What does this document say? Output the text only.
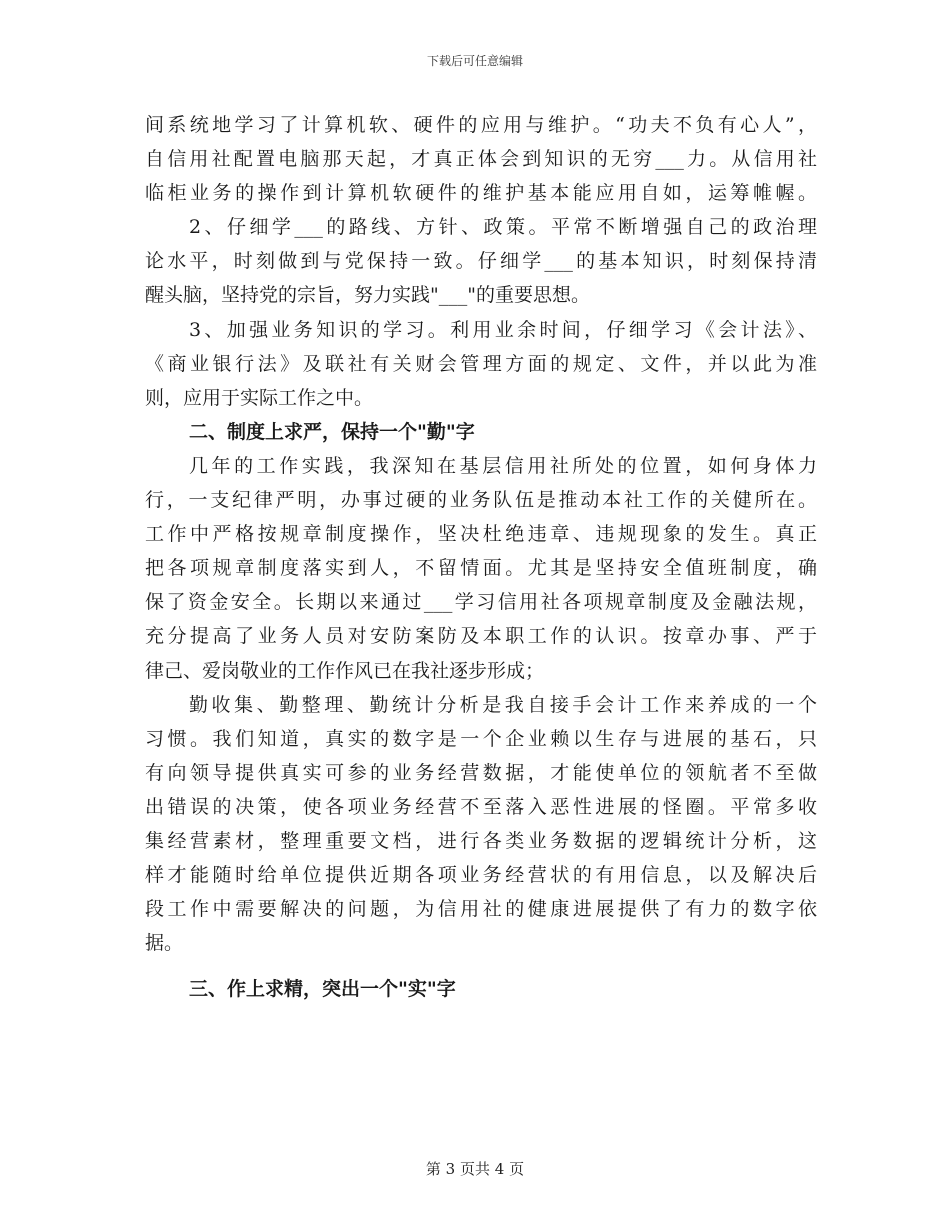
下载后可任意编辑
间系统地学习了计算机软、硬件的应用与维护。“功夫不负有心人”，
自信用社配置电脑那天起，才真正体会到知识的无穷___力。从信用社
临柜业务的操作到计算机软硬件的维护基本能应用自如，运筹帷幄。
2、仔细学___的路线、方针、政策。平常不断增强自己的政治理
论水平，时刻做到与党保持一致。仔细学___的基本知识，时刻保持清
醒头脑，坚持党的宗旨，努力实践"___"的重要思想。
3、加强业务知识的学习。利用业余时间，仔细学习《会计法》、
《商业银行法》及联社有关财会管理方面的规定、文件，并以此为准
则，应用于实际工作之中。
二、制度上求严，保持一个"勤"字
几年的工作实践，我深知在基层信用社所处的位置，如何身体力
行，一支纪律严明，办事过硬的业务队伍是推动本社工作的关健所在。
工作中严格按规章制度操作，坚决杜绝违章、违规现象的发生。真正
把各项规章制度落实到人，不留情面。尤其是坚持安全值班制度，确
保了资金安全。长期以来通过___学习信用社各项规章制度及金融法规，
充分提高了业务人员对安防案防及本职工作的认识。按章办事、严于
律己、爱岗敬业的工作作风已在我社逐步形成；
勤收集、勤整理、勤统计分析是我自接手会计工作来养成的一个
习惯。我们知道，真实的数字是一个企业赖以生存与进展的基石，只
有向领导提供真实可参的业务经营数据，才能使单位的领航者不至做
出错误的决策，使各项业务经营不至落入恶性进展的怪圈。平常多收
集经营素材，整理重要文档，进行各类业务数据的逻辑统计分析，这
样才能随时给单位提供近期各项业务经营状的有用信息，以及解决后
段工作中需要解决的问题，为信用社的健康进展提供了有力的数字依
据。
三、作上求精，突出一个"实"字
第 3 页共 4 页
